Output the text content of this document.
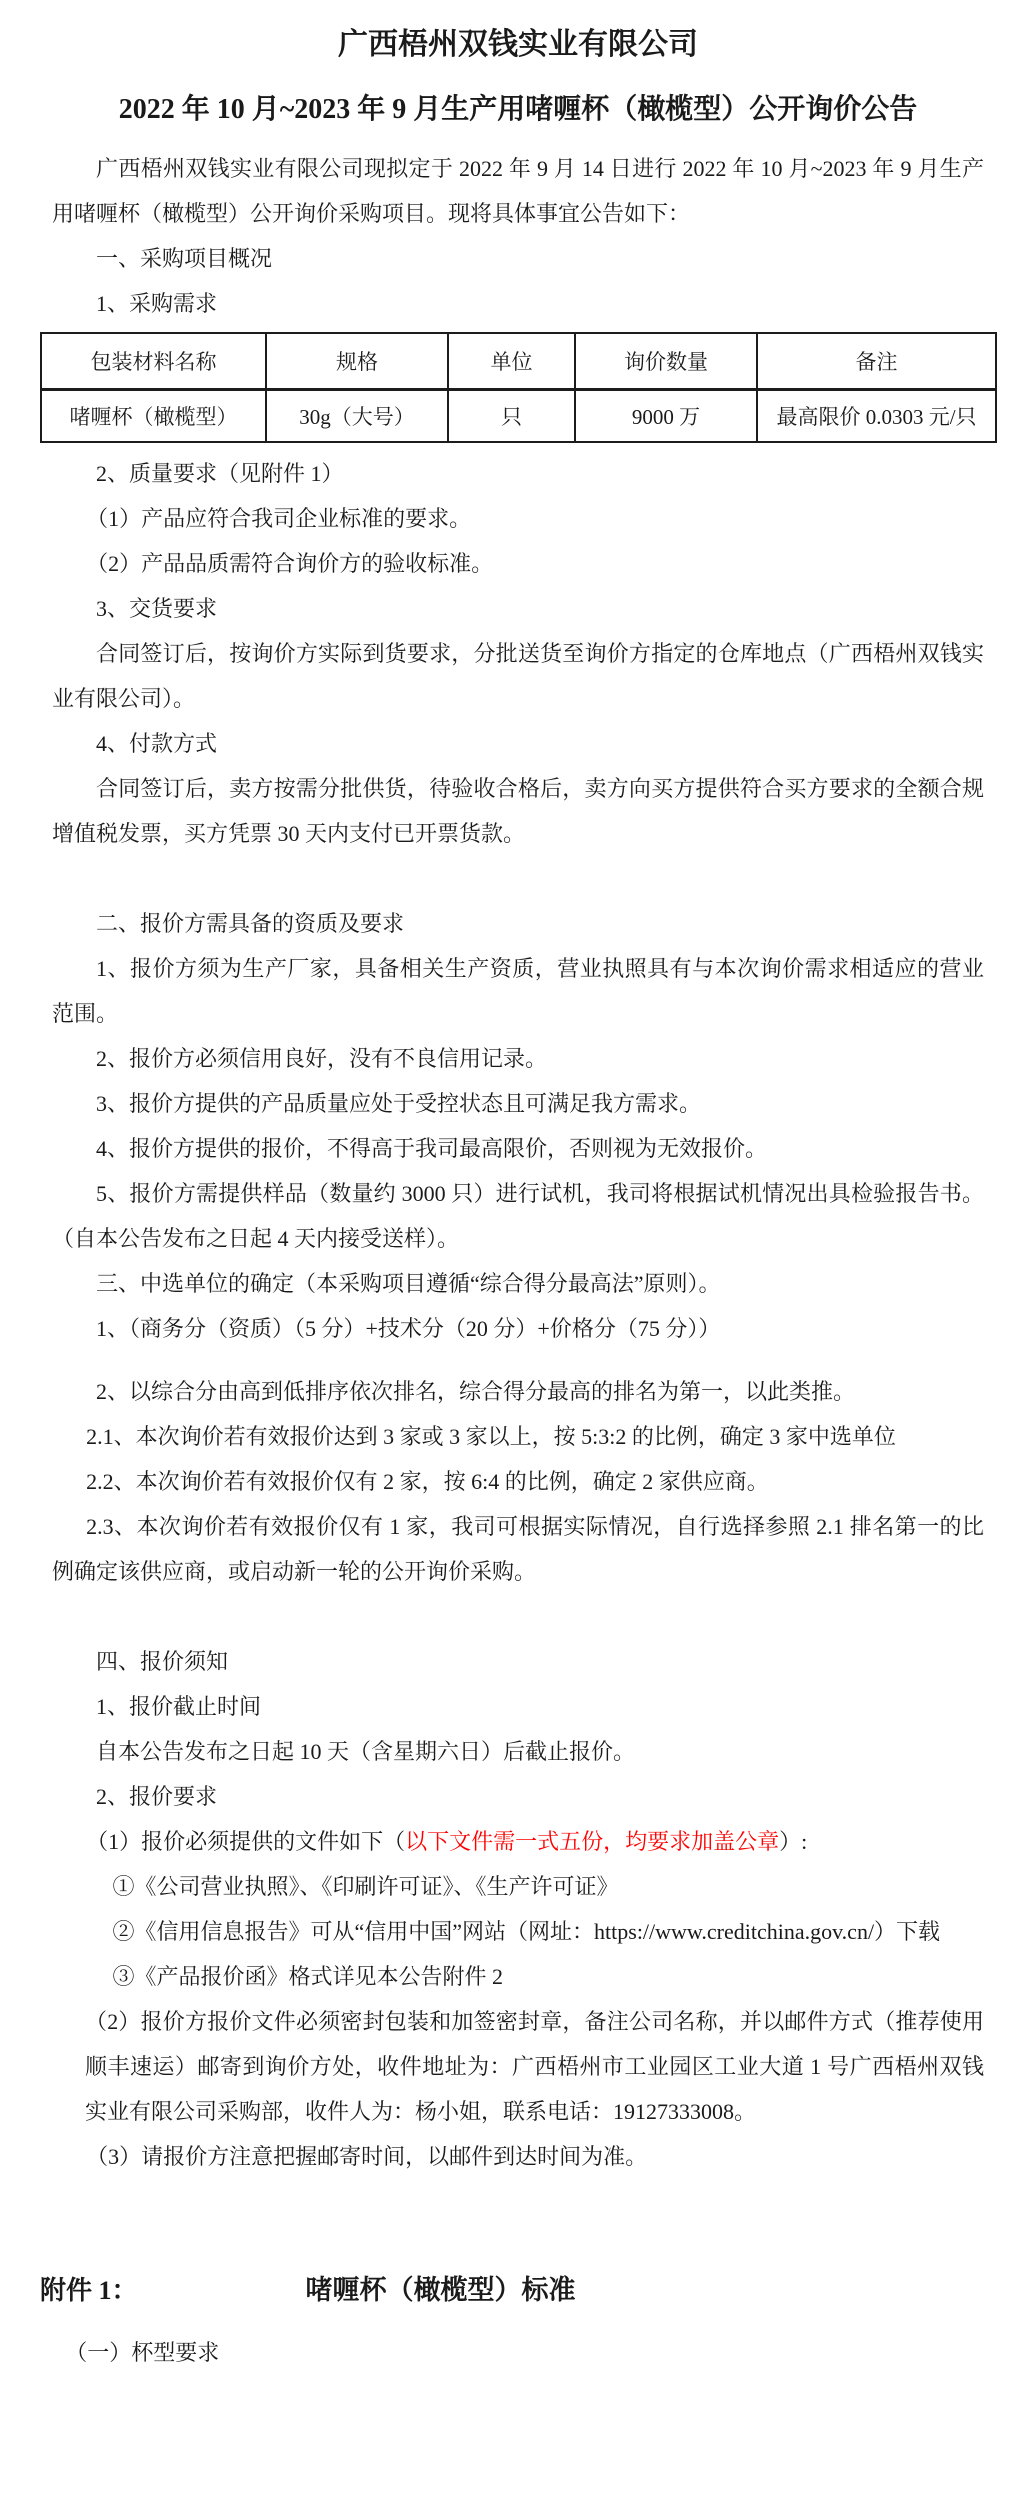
广西梧州双钱实业有限公司
2022 年 10 月~2023 年 9 月生产用啫喱杯（橄榄型）公开询价公告

广西梧州双钱实业有限公司现拟定于 2022 年 9 月 14 日进行 2022 年 10 月~2023 年 9 月生产用啫喱杯（橄榄型）公开询价采购项目。现将具体事宜公告如下：

一、采购项目概况

1、采购需求

包装材料名称	规格	单位	询价数量	备注
啫喱杯（橄榄型）	30g（大号）	只	9000 万	最高限价 0.0303 元/只

2、质量要求（见附件 1）

（1）产品应符合我司企业标准的要求。

（2）产品品质需符合询价方的验收标准。

3、交货要求

合同签订后，按询价方实际到货要求，分批送货至询价方指定的仓库地点（广西梧州双钱实业有限公司）。

4、付款方式

合同签订后，卖方按需分批供货，待验收合格后，卖方向买方提供符合买方要求的全额合规增值税发票，买方凭票 30 天内支付已开票货款。

二、报价方需具备的资质及要求

1、报价方须为生产厂家，具备相关生产资质，营业执照具有与本次询价需求相适应的营业范围。

2、报价方必须信用良好，没有不良信用记录。

3、报价方提供的产品质量应处于受控状态且可满足我方需求。

4、报价方提供的报价，不得高于我司最高限价，否则视为无效报价。

5、报价方需提供样品（数量约 3000 只）进行试机，我司将根据试机情况出具检验报告书。（自本公告发布之日起 4 天内接受送样）。

三、中选单位的确定（本采购项目遵循“综合得分最高法”原则）。

1、（商务分（资质）（5 分）+技术分（20 分）+价格分（75 分））

2、以综合分由高到低排序依次排名，综合得分最高的排名为第一，以此类推。

2.1、本次询价若有效报价达到 3 家或 3 家以上，按 5:3:2 的比例，确定 3 家中选单位

2.2、本次询价若有效报价仅有 2 家，按 6:4 的比例，确定 2 家供应商。

2.3、本次询价若有效报价仅有 1 家，我司可根据实际情况，自行选择参照 2.1 排名第一的比例确定该供应商，或启动新一轮的公开询价采购。

四、报价须知

1、报价截止时间

自本公告发布之日起 10 天（含星期六日）后截止报价。

2、报价要求

（1）报价必须提供的文件如下（以下文件需一式五份，均要求加盖公章）:

①《公司营业执照》、《印刷许可证》、《生产许可证》

②《信用信息报告》可从“信用中国”网站（网址：https://www.creditchina.gov.cn/）下载

③《产品报价函》格式详见本公告附件 2

（2）报价方报价文件必须密封包装和加签密封章，备注公司名称，并以邮件方式（推荐使用顺丰速运）邮寄到询价方处，收件地址为：广西梧州市工业园区工业大道 1 号广西梧州双钱实业有限公司采购部，收件人为：杨小姐，联系电话：19127333008。

（3）请报价方注意把握邮寄时间，以邮件到达时间为准。

附件 1：	啫喱杯（橄榄型）标准

（一）杯型要求
